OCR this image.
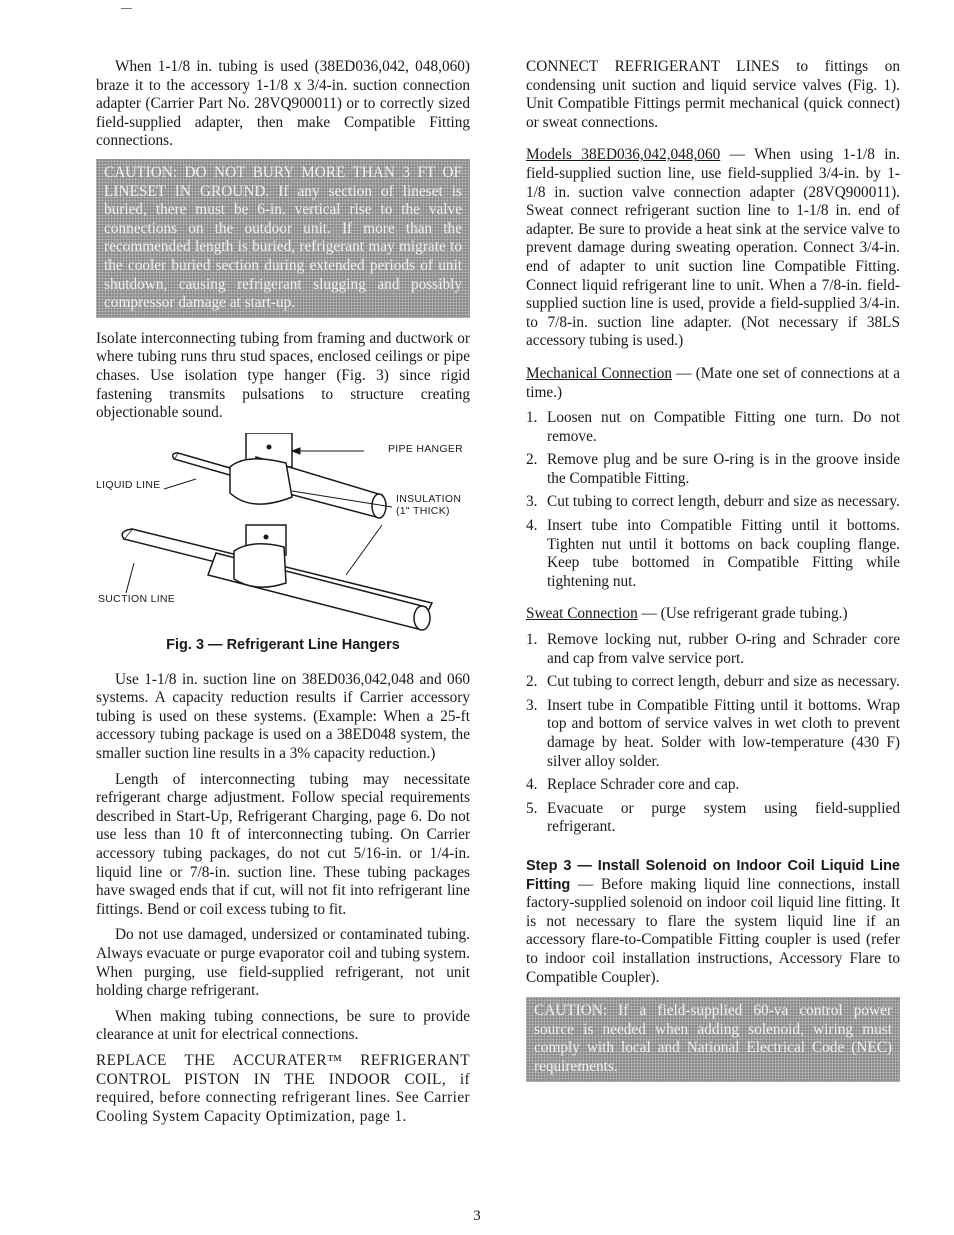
When 1-1/8 in. tubing is used (38ED036,042, 048,060) braze it to the accessory 1-1/8 x 3/4-in. suction connection adapter (Carrier Part No. 28VQ900011) or to correctly sized field-supplied adapter, then make Compatible Fitting connections.

CAUTION: DO NOT BURY MORE THAN 3 FT OF LINESET IN GROUND. If any section of lineset is buried, there must be 6-in. vertical rise to the valve connections on the outdoor unit. If more than the recommended length is buried, refrigerant may migrate to the cooler buried section during extended periods of unit shutdown, causing refrigerant slugging and possibly compressor damage at start-up.

Isolate interconnecting tubing from framing and ductwork or where tubing runs thru stud spaces, enclosed ceilings or pipe chases. Use isolation type hanger (Fig. 3) since rigid fastening transmits pulsations to structure creating objectionable sound.

PIPE HANGER
LIQUID LINE
INSULATION (1" THICK)
SUCTION LINE
Fig. 3 — Refrigerant Line Hangers

Use 1-1/8 in. suction line on 38ED036,042,048 and 060 systems. A capacity reduction results if Carrier accessory tubing is used on these systems. (Example: When a 25-ft accessory tubing package is used on a 38ED048 system, the smaller suction line results in a 3% capacity reduction.)

Length of interconnecting tubing may necessitate refrigerant charge adjustment. Follow special requirements described in Start-Up, Refrigerant Charging, page 6. Do not use less than 10 ft of interconnecting tubing. On Carrier accessory tubing packages, do not cut 5/16-in. or 1/4-in. liquid line or 7/8-in. suction line. These tubing packages have swaged ends that if cut, will not fit into refrigerant line fittings. Bend or coil excess tubing to fit.

Do not use damaged, undersized or contaminated tubing. Always evacuate or purge evaporator coil and tubing system. When purging, use field-supplied refrigerant, not unit holding charge refrigerant.

When making tubing connections, be sure to provide clearance at unit for electrical connections.

REPLACE THE ACCURATER™ REFRIGERANT CONTROL PISTON IN THE INDOOR COIL, if required, before connecting refrigerant lines. See Carrier Cooling System Capacity Optimization, page 1.

CONNECT REFRIGERANT LINES to fittings on condensing unit suction and liquid service valves (Fig. 1). Unit Compatible Fittings permit mechanical (quick connect) or sweat connections.

Models 38ED036,042,048,060 — When using 1-1/8 in. field-supplied suction line, use field-supplied 3/4-in. by 1-1/8 in. suction valve connection adapter (28VQ900011). Sweat connect refrigerant suction line to 1-1/8 in. end of adapter. Be sure to provide a heat sink at the service valve to prevent damage during sweating operation. Connect 3/4-in. end of adapter to unit suction line Compatible Fitting. Connect liquid refrigerant line to unit. When a 7/8-in. field-supplied suction line is used, provide a field-supplied 3/4-in. to 7/8-in. suction line adapter. (Not necessary if 38LS accessory tubing is used.)

Mechanical Connection — (Mate one set of connections at a time.)

1. Loosen nut on Compatible Fitting one turn. Do not remove.
2. Remove plug and be sure O-ring is in the groove inside the Compatible Fitting.
3. Cut tubing to correct length, deburr and size as necessary.
4. Insert tube into Compatible Fitting until it bottoms. Tighten nut until it bottoms on back coupling flange. Keep tube bottomed in Compatible Fitting while tightening nut.

Sweat Connection — (Use refrigerant grade tubing.)

1. Remove locking nut, rubber O-ring and Schrader core and cap from valve service port.
2. Cut tubing to correct length, deburr and size as necessary.
3. Insert tube in Compatible Fitting until it bottoms. Wrap top and bottom of service valves in wet cloth to prevent damage by heat. Solder with low-temperature (430 F) silver alloy solder.
4. Replace Schrader core and cap.
5. Evacuate or purge system using field-supplied refrigerant.

Step 3 — Install Solenoid on Indoor Coil Liquid Line Fitting — Before making liquid line connections, install factory-supplied solenoid on indoor coil liquid line fitting. It is not necessary to flare the system liquid line if an accessory flare-to-Compatible Fitting coupler is used (refer to indoor coil installation instructions, Accessory Flare to Compatible Coupler).

CAUTION: If a field-supplied 60-va control power source is needed when adding solenoid, wiring must comply with local and National Electrical Code (NEC) requirements.
3
